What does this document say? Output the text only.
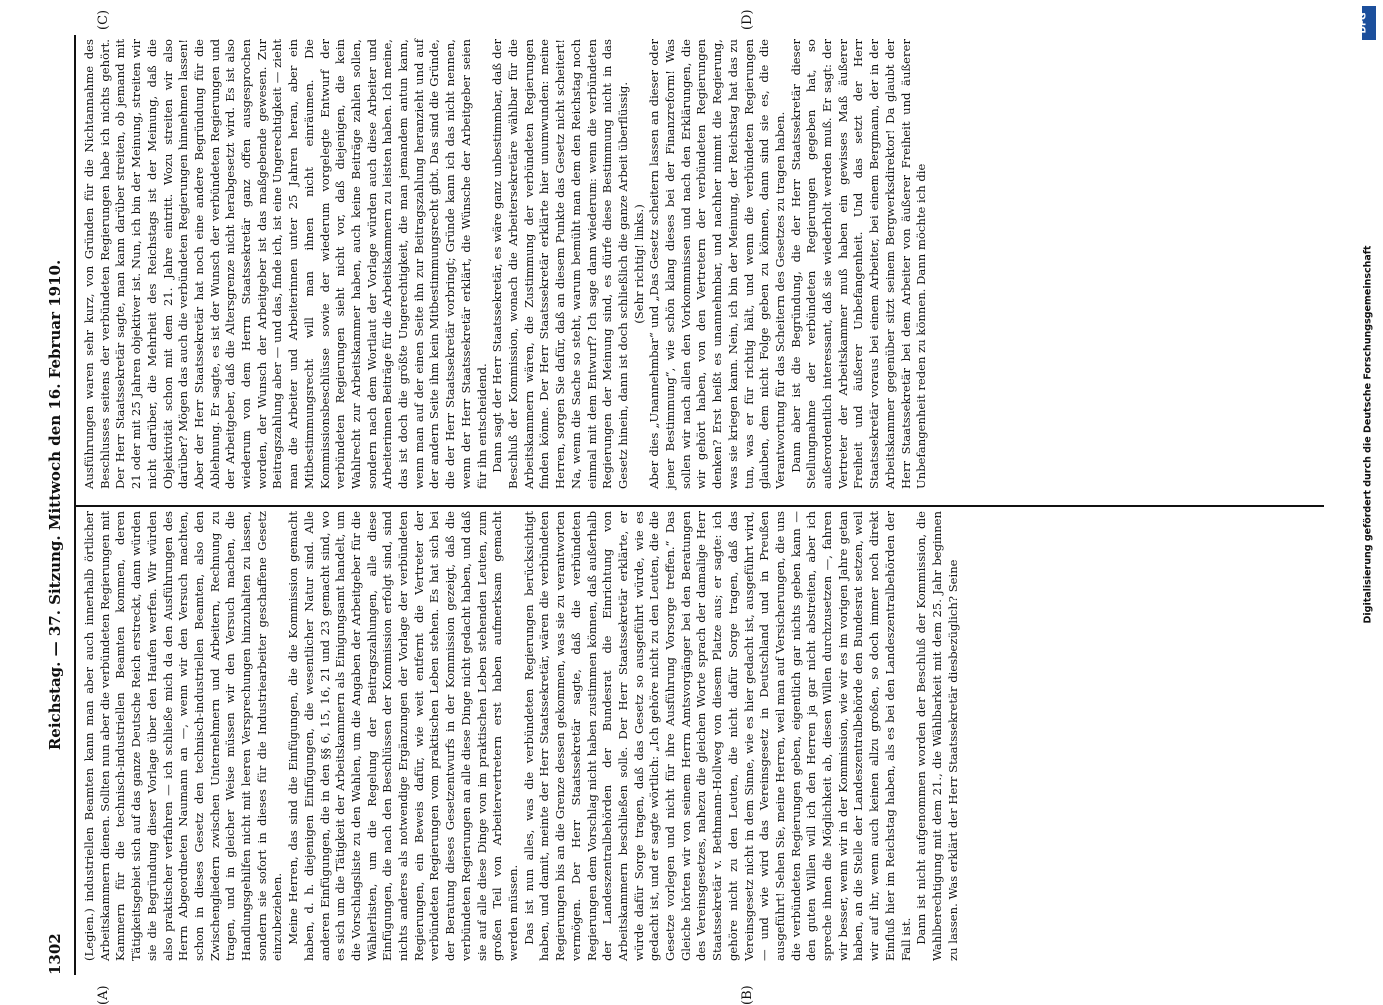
1302
Reichstag. — 37. Sitzung. Mittwoch den 16. Februar 1910.
(A)	(B)
(C)	(D)

(Legien.) industriellen Beamten kann man aber auch innerhalb örtlicher Arbeitskammern dienen. Sollten nun aber die verbündeten Regierungen mit Kammern für die technisch-industriellen Beamten kommen, deren Tätigkeitsgebiet sich auf das ganze Deutsche Reich erstreckt, dann würden sie die Begründung dieser Vorlage über den Haufen werfen. Wir würden also praktischer verfahren — ich schließe mich da den Ausführungen des Herrn Abgeordneten Naumann an —, wenn wir den Versuch machten, schon in dieses Gesetz den technisch-industriellen Beamten, also den Zwischengliedern zwischen Unternehmern und Arbeitern, Rechnung zu tragen, und in gleicher Weise müssen wir den Versuch machen, die Handlungsgehilfen nicht mit leeren Versprechungen hinzuhalten zu lassen, sondern sie sofort in dieses für die Industriearbeiter geschaffene Gesetz einzubeziehen. Meine Herren, das sind die Einfügungen, die die Kommission gemacht haben, d. h. diejenigen Einfügungen, die wesentlicher Natur sind. Alle anderen Einfügungen, die in den §§ 6, 15, 16, 21 und 23 gemacht sind, wo es sich um die Tätigkeit der Arbeitskammern als Einigungsamt handelt, um die Vorschlagsliste zu den Wahlen, um die Angaben der Arbeitgeber für die Wählerlisten, um die Regelung der Beitragszahlungen, alle diese Einfügungen, die nach den Beschlüssen der Kommission erfolgt sind, sind nichts anderes als notwendige Ergänzungen der Vorlage der verbündeten Regierungen, ein Beweis dafür, wie weit entfernt die Vertreter der verbündeten Regierungen vom praktischen Leben stehen. Es hat sich bei der Beratung dieses Gesetzentwurfs in der Kommission gezeigt, daß die verbündeten Regierungen an alle diese Dinge nicht gedacht haben, und daß sie auf alle diese Dinge von im praktischen Leben stehenden Leuten, zum großen Teil von Arbeitervertretern erst haben aufmerksam gemacht werden müssen. Das ist nun alles, was die verbündeten Regierungen berücksichtigt haben, und damit, meinte der Herr Staatssekretär, wären die verbündeten Regierungen bis an die Grenze dessen gekommen, was sie zu verantworten vermögen. Der Herr Staatssekretär sagte, daß die verbündeten Regierungen dem Vorschlag nicht haben zustimmen können, daß außerhalb der Landeszentralbehörden der Bundesrat die Einrichtung von Arbeitskammern beschließen solle. Der Herr Staatssekretär erklärte, er würde dafür Sorge tragen, daß das Gesetz so ausgeführt würde, wie es gedacht ist, und er sagte wörtlich: „Ich gehöre nicht zu den Leuten, die die Gesetze vorlegen und nicht für ihre Ausführung Vorsorge treffen.“ Das Gleiche hörten wir von seinem Herrn Amtsvorgänger bei den Beratungen des Vereinsgesetzes, nahezu die gleichen Worte sprach der damalige Herr Staatssekretär v. Bethmann-Hollweg von diesem Platze aus; er sagte: ich gehöre nicht zu den Leuten, die nicht dafür Sorge tragen, daß das Vereinsgesetz nicht in dem Sinne, wie es hier gedacht ist, ausgeführt wird, — und wie wird das Vereinsgesetz in Deutschland und in Preußen ausgeführt! Sehen Sie, meine Herren, weil man auf Versicherungen, die uns die verbündeten Regierungen geben, eigentlich gar nichts geben kann — den guten Willen will ich den Herren ja gar nicht abstreiten, aber ich spreche ihnen die Möglichkeit ab, diesen Willen durchzusetzen —, fahren wir besser, wenn wir in der Kommission, wie wir es im vorigen Jahre getan haben, an die Stelle der Landeszentralbehörde den Bundesrat setzen, weil wir auf ihr, wenn auch keinen allzu großen, so doch immer noch direkt Einfluß hier im Reichstag haben, als es bei den Landeszentralbehörden der Fall ist. Dann ist nicht aufgenommen worden der Beschluß der Kommission, die Wahlberechtigung mit dem 21., die Wählbarkeit mit dem 25. Jahr beginnen zu lassen. Was erklärt der Herr Staatssekretär diesbezüglich? Seine

Ausführungen waren sehr kurz, von Gründen für die Nichtannahme des Beschlusses seitens der verbündeten Regierungen habe ich nichts gehört. Der Herr Staatssekretär sagte, man kann darüber streiten, ob jemand mit 21 oder mit 25 Jahren objektiver ist. Nun, ich bin der Meinung, streiten wir nicht darüber, die Mehrheit des Reichstags ist der Meinung, daß die Objektivität schon mit dem 21. Jahre eintritt. Wozu streiten wir also darüber? Mögen das auch die verbündeten Regierungen hinnehmen lassen! Aber der Herr Staatssekretär hat noch eine andere Begründung für die Ablehnung. Er sagte, es ist der Wunsch der verbündeten Regierungen und der Arbeitgeber, daß die Altersgrenze nicht herabgesetzt wird. Es ist also wiederum von dem Herrn Staatssekretär ganz offen ausgesprochen worden, der Wunsch der Arbeitgeber ist das maßgebende gewesen. Zur Beitragszahlung aber — und das, finde ich, ist eine Ungerechtigkeit — zieht man die Arbeiter und Arbeiterinnen unter 25 Jahren heran, aber ein Mitbestimmungsrecht will man ihnen nicht einräumen. Die Kommissionsbeschlüsse sowie der wiederum vorgelegte Entwurf der verbündeten Regierungen sieht nicht vor, daß diejenigen, die kein Wahlrecht zur Arbeitskammer haben, auch keine Beiträge zahlen sollen, sondern nach dem Wortlaut der Vorlage würden auch diese Arbeiter und Arbeiterinnen Beiträge für die Arbeitskammern zu leisten haben. Ich meine, das ist doch die größte Ungerechtigkeit, die man jemandem antun kann, wenn man auf der einen Seite ihn zur Beitragszahlung heranzieht und auf der andern Seite ihm kein Mitbestimmungsrecht gibt. Das sind die Gründe, die der Herr Staatssekretär vorbringt; Gründe kann ich das nicht nennen, wenn der Herr Staatssekretär erklärt, die Wünsche der Arbeitgeber seien für ihn entscheidend. Dann sagt der Herr Staatssekretär, es wäre ganz unbestimmbar, daß der Beschluß der Kommission, wonach die Arbeitersekretäre wählbar für die Arbeitskammern wären, die Zustimmung der verbündeten Regierungen finden könne. Der Herr Staatssekretär erklärte hier unumwunden: meine Herren, sorgen Sie dafür, daß an diesem Punkte das Gesetz nicht scheitert! Na, wenn die Sache so steht, warum bemüht man dem den Reichstag noch einmal mit dem Entwurf? Ich sage dann wiederum: wenn die verbündeten Regierungen der Meinung sind, es dürfe diese Bestimmung nicht in das Gesetz hinein, dann ist doch schließlich die ganze Arbeit überflüssig. (Sehr richtig! links.) Aber dies „Unannehmbar“ und „Das Gesetz scheitern lassen an dieser oder jener Bestimmung“, wie schön klang dieses bei der Finanzreform! Was sollen wir nach allen den Vorkommnissen und nach den Erklärungen, die wir gehört haben, von den Vertretern der verbündeten Regierungen denken? Erst heißt es unannehmbar, und nachher nimmt die Regierung, was sie kriegen kann. Nein, ich bin der Meinung, der Reichstag hat das zu tun, was er für richtig hält, und wenn die verbündeten Regierungen glauben, dem nicht Folge geben zu können, dann sind sie es, die die Verantwortung für das Scheitern des Gesetzes zu tragen haben. Dann aber ist die Begründung, die der Herr Staatssekretär dieser Stellungnahme der verbündeten Regierungen gegeben hat, so außerordentlich interessant, daß sie wiederholt werden muß. Er sagt: der Vertreter der Arbeitskammer muß haben ein gewisses Maß äußerer Freiheit und äußerer Unbefangenheit. Und das setzt der Herr Staatssekretär voraus bei einem Arbeiter, bei einem Bergmann, der in der Arbeitskammer gegenüber sitzt seinem Bergwerksdirektor! Da glaubt der Herr Staatssekretär bei dem Arbeiter von äußerer Freiheit und äußerer Unbefangenheit reden zu können. Dann möchte ich die

DFG
Digitalisierung gefördert durch die Deutsche Forschungsgemeinschaft
